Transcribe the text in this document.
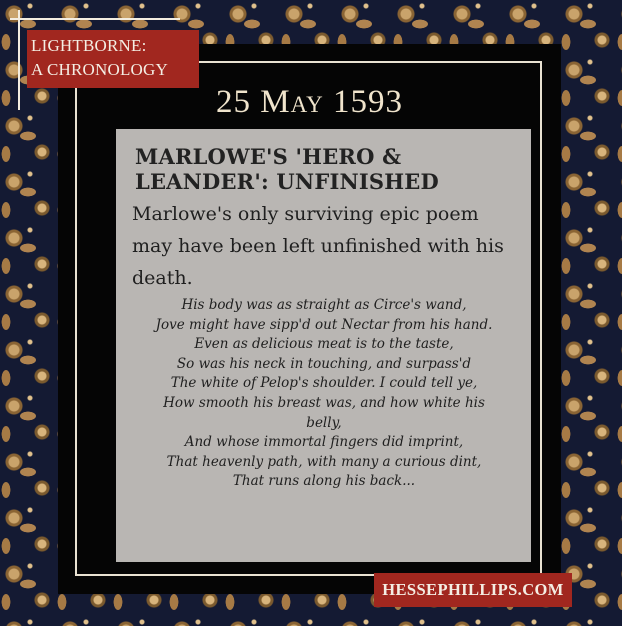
LIGHTBORNE:
A CHRONOLOGY
25 May 1593
MARLOWE'S 'HERO & LEANDER': UNFINISHED
Marlowe's only surviving epic poem may have been left unfinished with his death.
His body was as straight as Circe's wand,
Jove might have sipp'd out Nectar from his hand.
Even as delicious meat is to the taste,
So was his neck in touching, and surpass'd
The white of Pelop's shoulder. I could tell ye,
How smooth his breast was, and how white his
belly,
And whose immortal fingers did imprint,
That heavenly path, with many a curious dint,
That runs along his back...
HESSEPHILLIPS.COM
